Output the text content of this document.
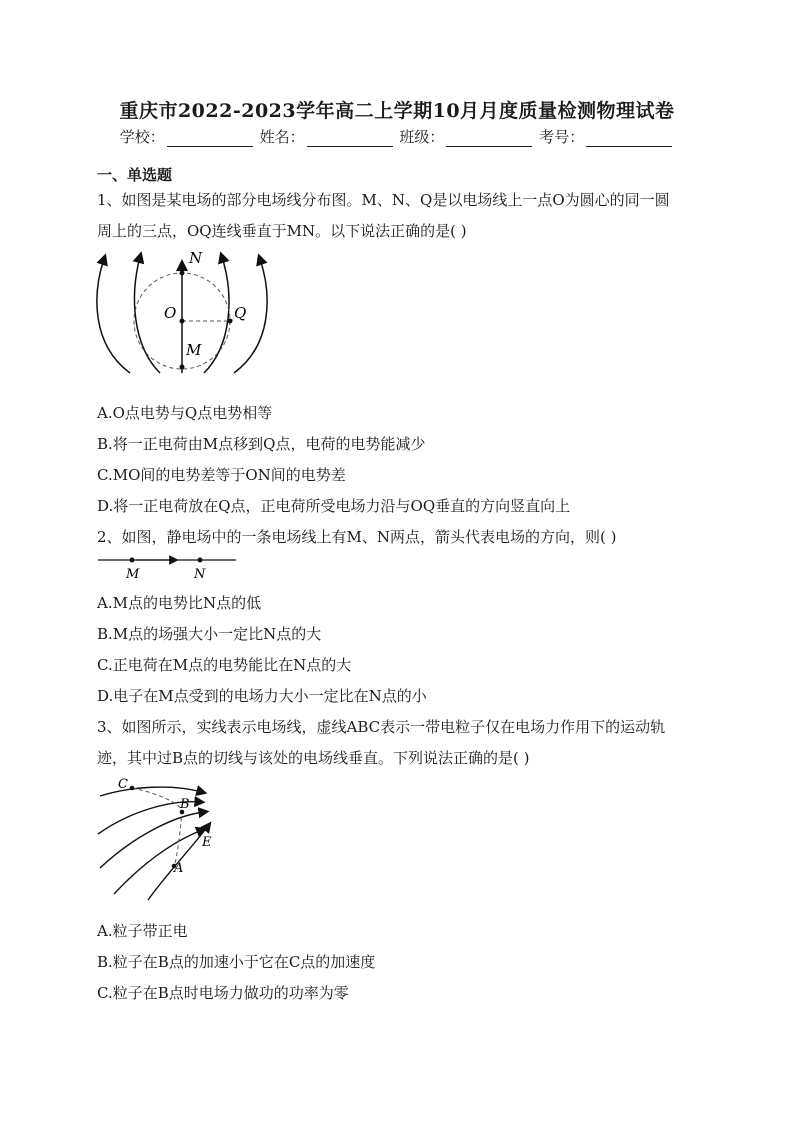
重庆市2022-2023学年高二上学期10月月度质量检测物理试卷
学校：	姓名：	班级：	考号：
一、单选题
1、如图是某电场的部分电场线分布图。M、N、Q是以电场线上一点O为圆心的同一圆
周上的三点，OQ连线垂直于MN。以下说法正确的是( )
N
O	Q
M
A.O点电势与Q点电势相等
B.将一正电荷由M点移到Q点，电荷的电势能减少
C.MO间的电势差等于ON间的电势差
D.将一正电荷放在Q点，正电荷所受电场力沿与OQ垂直的方向竖直向上
2、如图，静电场中的一条电场线上有M、N两点，箭头代表电场的方向，则( )
M	N
A.M点的电势比N点的低
B.M点的场强大小一定比N点的大
C.正电荷在M点的电势能比在N点的大
D.电子在M点受到的电场力大小一定比在N点的小
3、如图所示，实线表示电场线，虚线ABC表示一带电粒子仅在电场力作用下的运动轨
迹，其中过B点的切线与该处的电场线垂直。下列说法正确的是( )
C
B
E
A
A.粒子带正电
B.粒子在B点的加速小于它在C点的加速度
C.粒子在B点时电场力做功的功率为零
